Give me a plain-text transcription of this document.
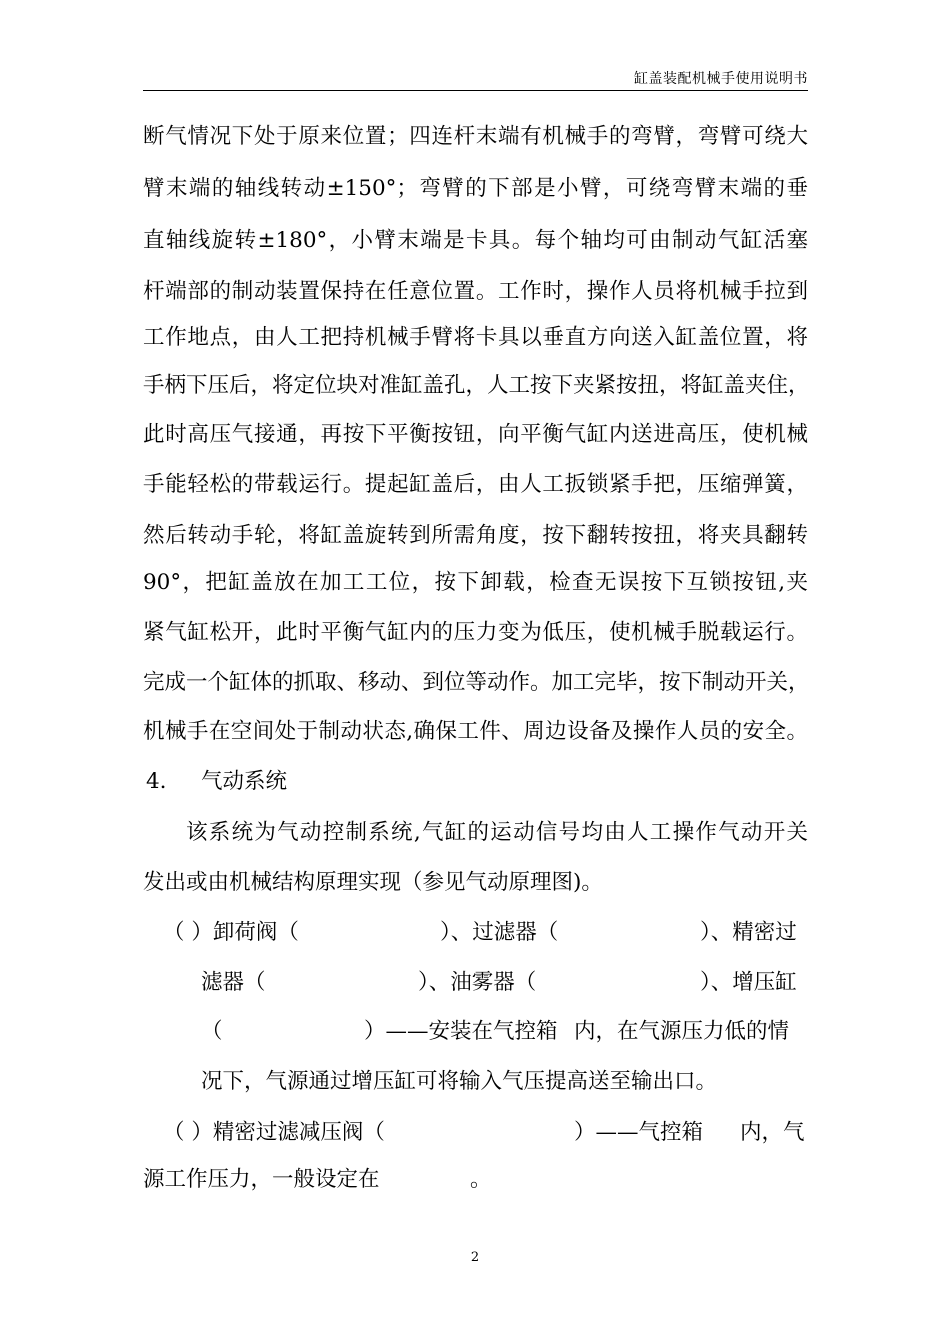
缸盖装配机械手使用说明书
断气情况下处于原来位置；四连杆末端有机械手的弯臂，弯臂可绕大
臂末端的轴线转动±150°；弯臂的下部是小臂，可绕弯臂末端的垂
直轴线旋转±180°，小臂末端是卡具。每个轴均可由制动气缸活塞
杆端部的制动装置保持在任意位置。工作时，操作人员将机械手拉到
工作地点，由人工把持机械手臂将卡具以垂直方向送入缸盖位置，将
手柄下压后，将定位块对准缸盖孔，人工按下夹紧按扭，将缸盖夹住，
此时高压气接通，再按下平衡按钮，向平衡气缸内送进高压，使机械
手能轻松的带载运行。提起缸盖后，由人工扳锁紧手把，压缩弹簧，
然后转动手轮，将缸盖旋转到所需角度，按下翻转按扭，将夹具翻转
90°，把缸盖放在加工工位，按下卸载，检查无误按下互锁按钮,夹
紧气缸松开，此时平衡气缸内的压力变为低压，使机械手脱载运行。
完成一个缸体的抓取、移动、到位等动作。加工完毕，按下制动开关，
机械手在空间处于制动状态,确保工件、周边设备及操作人员的安全。
4. 气动系统
该系统为气动控制系统,气缸的运动信号均由人工操作气动开关
发出或由机械结构原理实现（参见气动原理图)。
（ ）卸荷阀（	）、过滤器（	）、精密过
滤器（	）、油雾器（	）、增压缸
（	）——安装在气控箱 内，在气源压力低的情
况下，气源通过增压缸可将输入气压提高送至输出口。
（ ）精密过滤减压阀（	）——气控箱 内，气
源工作压力，一般设定在	。
2
